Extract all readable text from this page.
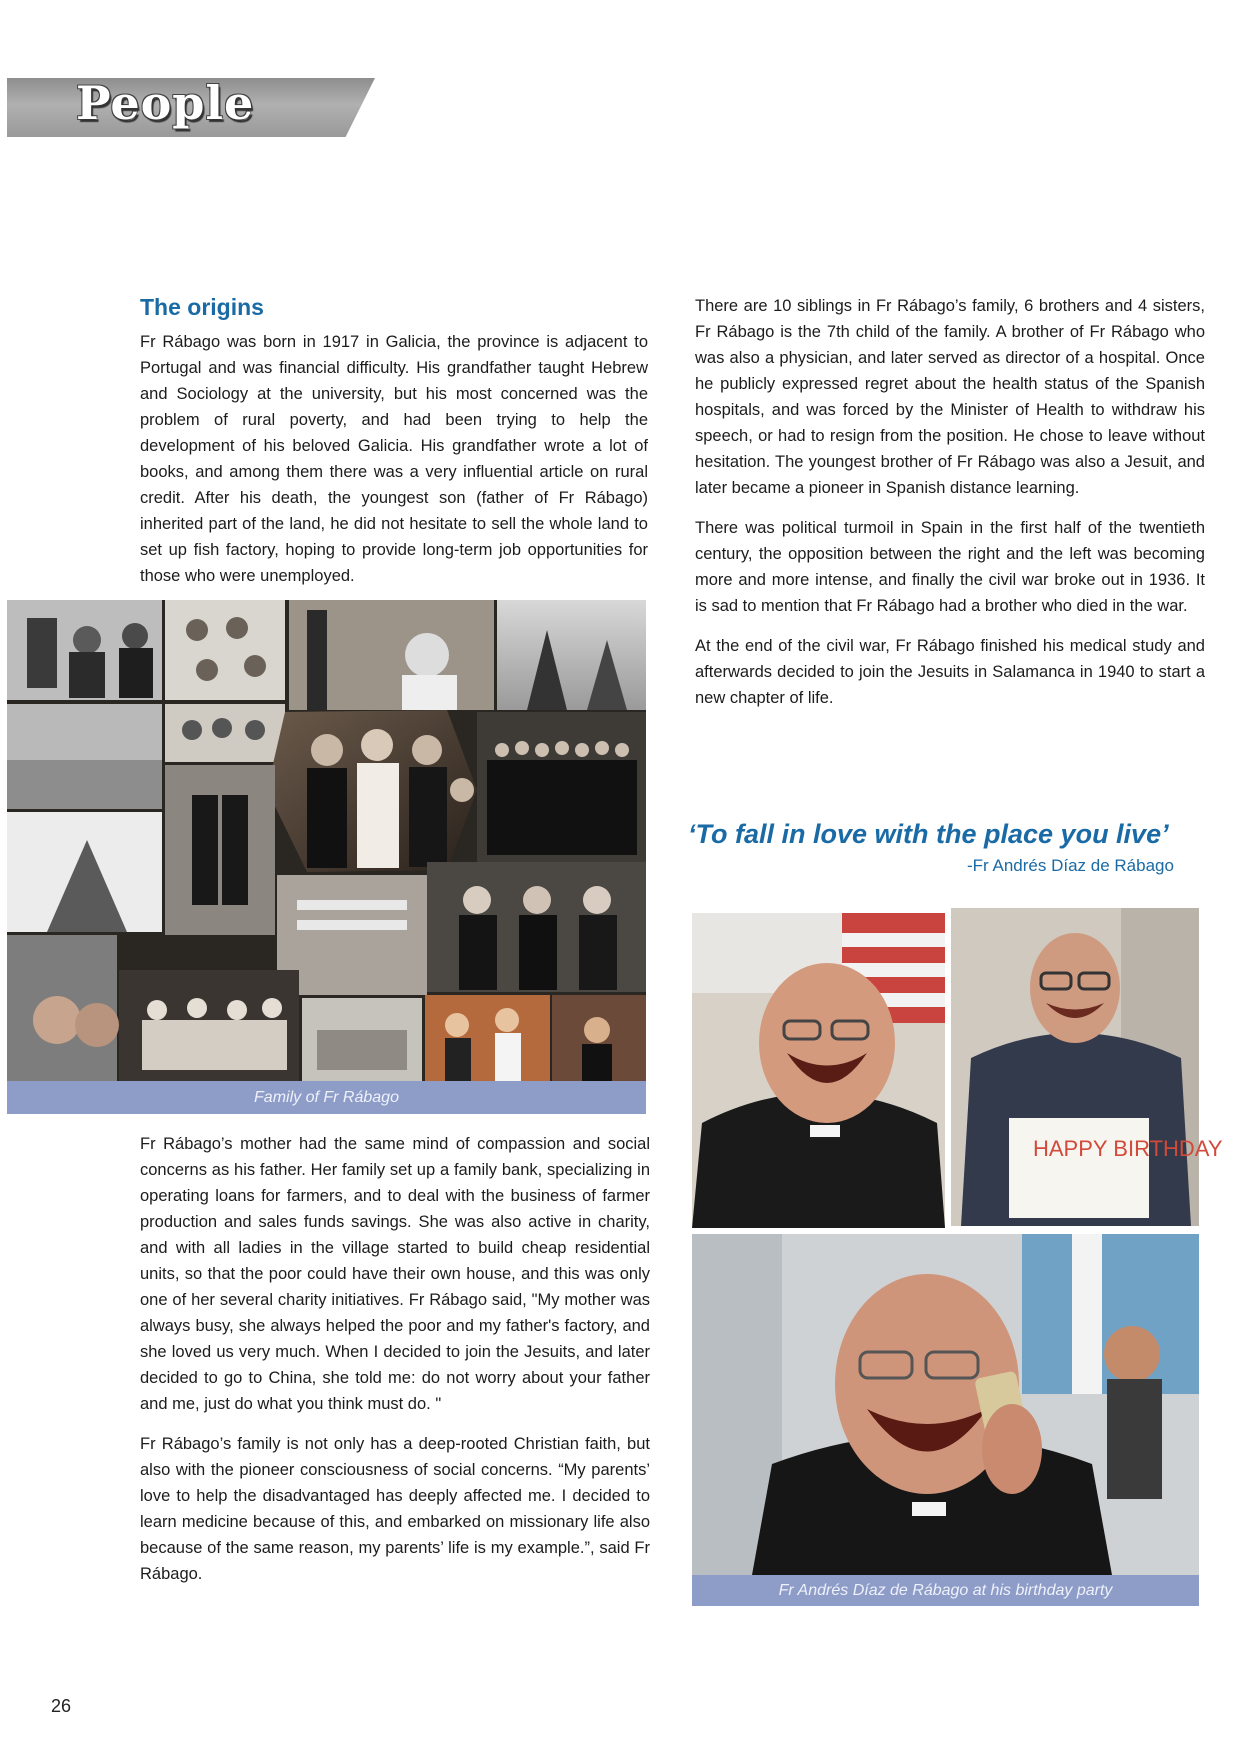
People
The origins

Fr Rábago was born in 1917 in Galicia, the province is adjacent to Portugal and was financial difficulty. His grandfather taught Hebrew and Sociology at the university, but his most concerned was the problem of rural poverty, and had been trying to help the development of his beloved Galicia. His grandfather wrote a lot of books, and among them there was a very influential article on rural credit. After his death, the youngest son (father of Fr Rábago) inherited part of the land, he did not hesitate to sell the whole land to set up fish factory, hoping to provide long-term job opportunities for those who were unemployed.

Family of Fr Rábago

Fr Rábago’s mother had the same mind of compassion and social concerns as his father. Her family set up a family bank, specializing in operating loans for farmers, and to deal with the business of farmer production and sales funds savings. She was also active in charity, and with all ladies in the village started to build cheap residential units, so that the poor could have their own house, and this was only one of her several charity initiatives. Fr Rábago said, "My mother was always busy, she always helped the poor and my father's factory, and she loved us very much. When I decided to join the Jesuits, and later decided to go to China, she told me: do not worry about your father and me, just do what you think must do. "

Fr Rábago’s family is not only has a deep-rooted Christian faith, but also with the pioneer consciousness of social concerns. “My parents’ love to help the disadvantaged has deeply affected me. I decided to learn medicine because of this, and embarked on missionary life also because of the same reason, my parents’ life is my example.”, said Fr Rábago.

There are 10 siblings in Fr Rábago’s family, 6 brothers and 4 sisters, Fr Rábago is the 7th child of the family. A brother of Fr Rábago who was also a physician, and later served as director of a hospital. Once he publicly expressed regret about the health status of the Spanish hospitals, and was forced by the Minister of Health to withdraw his speech, or had to resign from the position. He chose to leave without hesitation. The youngest brother of Fr Rábago was also a Jesuit, and later became a pioneer in Spanish distance learning.

There was political turmoil in Spain in the first half of the twentieth century, the opposition between the right and the left was becoming more and more intense, and finally the civil war broke out in 1936. It is sad to mention that Fr Rábago had a brother who died in the war.

At the end of the civil war, Fr Rábago finished his medical study and afterwards decided to join the Jesuits in Salamanca in 1940 to start a new chapter of life.

‘To fall in love with the place you live’
-Fr Andrés Díaz de Rábago
HAPPY BIRTHDAY
Fr Andrés Díaz de Rábago at his birthday party
26
